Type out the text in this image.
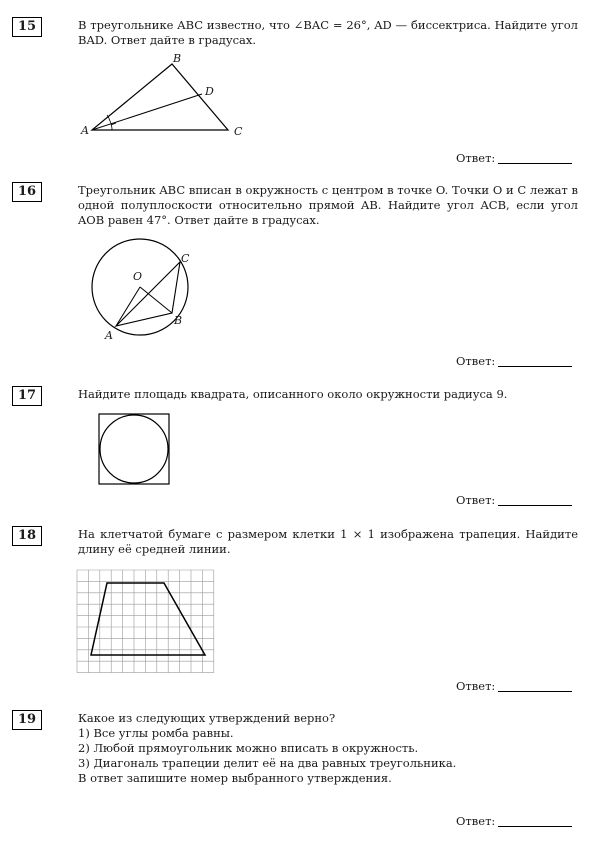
15	В треугольнике ABC известно, что ∠BAC = 26°, AD — биссектриса. Найдите угол BAD. Ответ дайте в градусах.

A
B
C
D
Ответ:
16	Треугольник ABC вписан в окружность с центром в точке O. Точки O и C лежат в одной полуплоскости относительно прямой AB. Найдите угол ACB, если угол AOB равен 47°. Ответ дайте в градусах.

O
C
A
B
Ответ:
17	Найдите площадь квадрата, описанного около окружности радиуса 9.

Ответ:
18	На клетчатой бумаге с размером клетки 1 × 1 изображена трапеция. Найдите длину её средней линии.

Ответ:
19	Какое из следующих утверждений верно?

1) Все углы ромба равны.

2) Любой прямоугольник можно вписать в окружность.

3) Диагональ трапеции делит её на два равных треугольника.

В ответ запишите номер выбранного утверждения.

Ответ:
